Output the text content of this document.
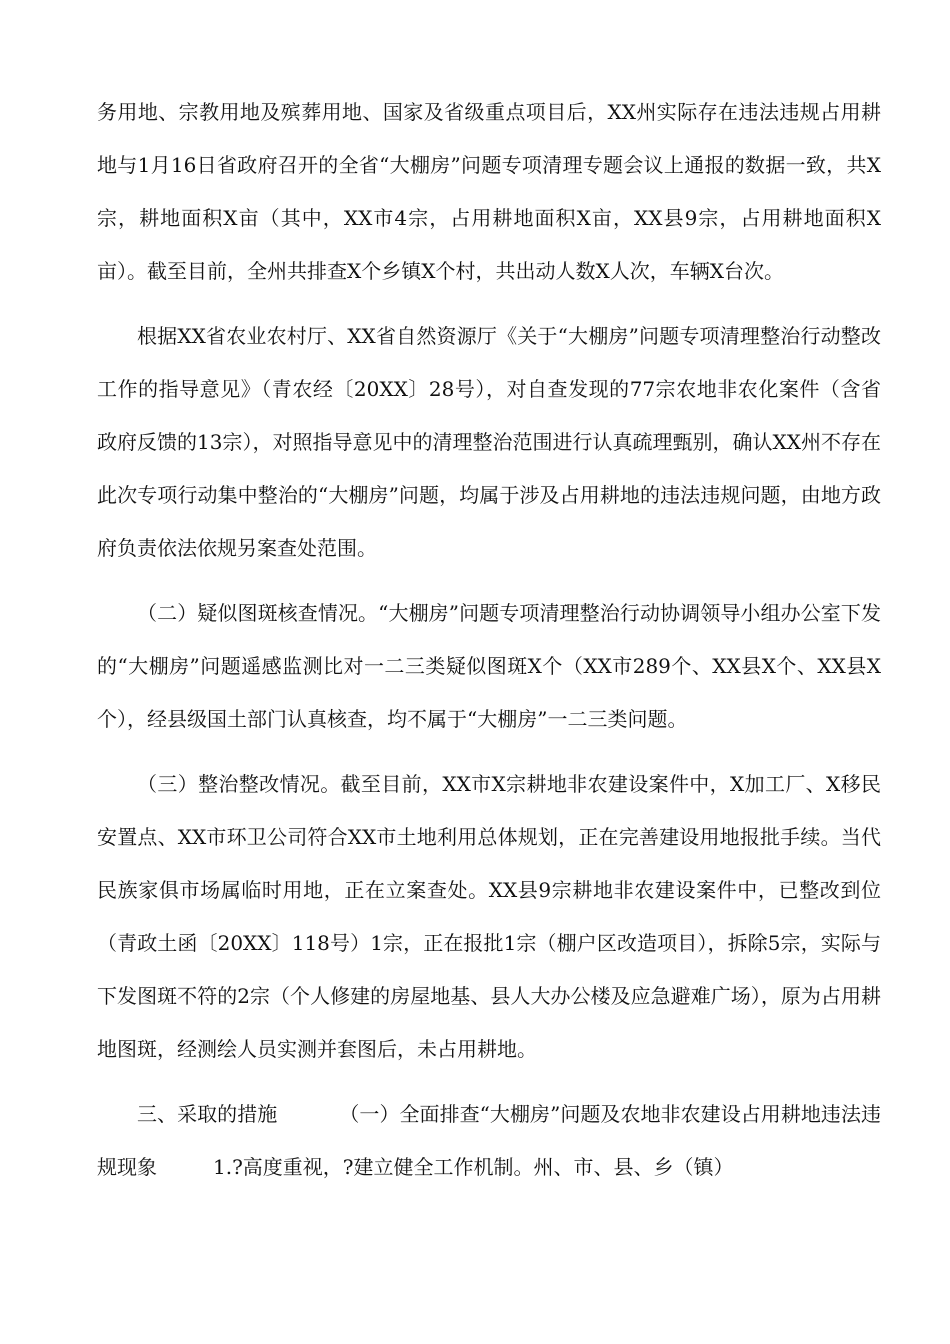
务用地、宗教用地及殡葬用地、国家及省级重点项目后，XX州实际存在违法违规占用耕地与1月16日省政府召开的全省“大棚房”问题专项清理专题会议上通报的数据一致，共X宗，耕地面积X亩（其中，XX市4宗，占用耕地面积X亩，XX县9宗，占用耕地面积X亩）。截至目前，全州共排查X个乡镇X个村，共出动人数X人次，车辆X台次。

根据XX省农业农村厅、XX省自然资源厅《关于“大棚房”问题专项清理整治行动整改工作的指导意见》（青农经〔20XX〕28号），对自查发现的77宗农地非农化案件（含省政府反馈的13宗），对照指导意见中的清理整治范围进行认真疏理甄别，确认XX州不存在此次专项行动集中整治的“大棚房”问题，均属于涉及占用耕地的违法违规问题，由地方政府负责依法依规另案查处范围。

（二）疑似图斑核查情况。“大棚房”问题专项清理整治行动协调领导小组办公室下发的“大棚房”问题遥感监测比对一二三类疑似图斑X个（XX市289个、XX县X个、XX县X个），经县级国土部门认真核查，均不属于“大棚房”一二三类问题。

（三）整治整改情况。截至目前，XX市X宗耕地非农建设案件中，X加工厂、X移民安置点、XX市环卫公司符合XX市土地利用总体规划，正在完善建设用地报批手续。当代民族家俱市场属临时用地，正在立案查处。XX县9宗耕地非农建设案件中，已整改到位（青政土函〔20XX〕118号）1宗，正在报批1宗（棚户区改造项目），拆除5宗，实际与下发图斑不符的2宗（个人修建的房屋地基、县人大办公楼及应急避难广场），原为占用耕地图斑，经测绘人员实测并套图后，未占用耕地。

三、采取的措施	（一）全面排查“大棚房”问题及农地非农建设占用耕地违法违规现象	1.?高度重视，?建立健全工作机制。州、市、县、乡（镇）
